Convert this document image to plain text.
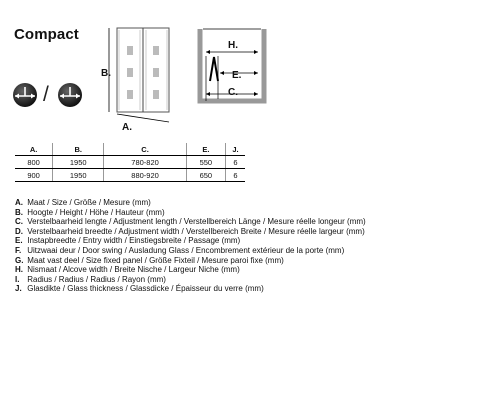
Compact
/
B.
A.
H.
E.
C.
A.	B.	C.	E.	J.
800	1950	780-820	550	6
900	1950	880-920	650	6
A. Maat / Size / Größe / Mesure (mm)
B. Hoogte / Height / Höhe / Hauteur (mm)
C. Verstelbaarheid lengte / Adjustment length / Verstellbereich Länge / Mesure réelle longeur (mm)
D. Verstelbaarheid breedte / Adjustment width / Verstellbereich Breite / Mesure réelle largeur (mm)
E. Instapbreedte / Entry width / Einstiegsbreite / Passage (mm)
F. Uitzwaai deur / Door swing / Ausladung Glass / Encombrement extérieur de la porte (mm)
G. Maat vast deel / Size fixed panel / Größe Fixteil / Mesure paroi fixe (mm)
H. Nismaat / Alcove width / Breite Nische / Largeur Niche (mm)
I. Radius / Radius / Radius / Rayon (mm)
J. Glasdikte / Glass thickness / Glassdicke / Épaisseur du verre (mm)
